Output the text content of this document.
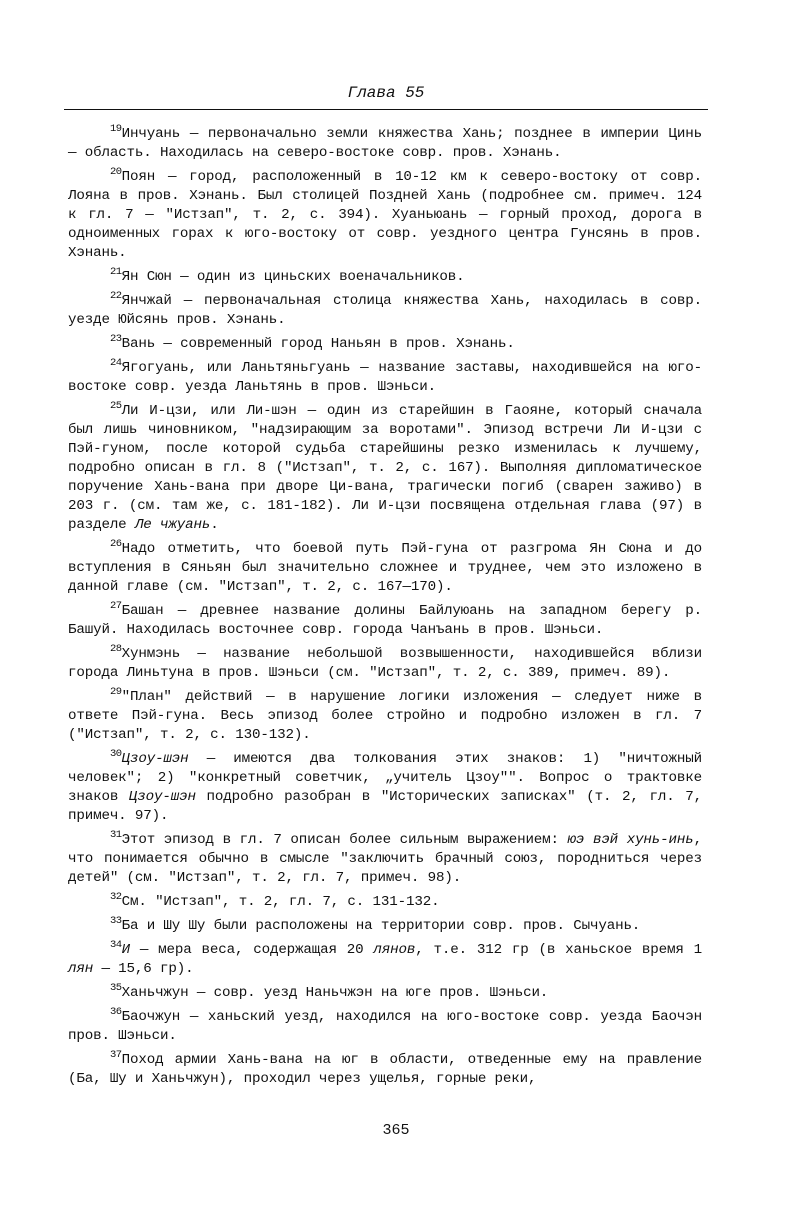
Глава 55

$^{19}$Инчуань — первоначально земли княжества Хань; позднее в империи Цинь — область. Находилась на северо-востоке совр. пров. Хэнань.

$^{20}$Поян — город, расположенный в 10-12 км к северо-востоку от совр. Лояна в пров. Хэнань. Был столицей Поздней Хань (подробнее см. примеч. 124 к гл. 7 — "Истзап", т. 2, с. 394). Хуаньюань — горный проход, дорога в одноименных горах к юго-востоку от совр. уездного центра Гунсянь в пров. Хэнань.

$^{21}$Ян Сюн — один из циньских военачальников.

$^{22}$Янчжай — первоначальная столица княжества Хань, находилась в совр. уезде Юйсянь пров. Хэнань.

$^{23}$Вань — современный город Наньян в пров. Хэнань.

$^{24}$Ягогуань, или Ланьтяньгуань — название заставы, находившейся на юго-востоке совр. уезда Ланьтянь в пров. Шэньси.

$^{25}$Ли И-цзи, или Ли-шэн — один из старейшин в Гаояне, который сначала был лишь чиновником, "надзирающим за воротами". Эпизод встречи Ли И-цзи с Пэй-гуном, после которой судьба старейшины резко изменилась к лучшему, подробно описан в гл. 8 ("Истзап", т. 2, с. 167). Выполняя дипломатическое поручение Хань-вана при дворе Ци-вана, трагически погиб (сварен заживо) в 203 г. (см. там же, с. 181-182). Ли И-цзи посвящена отдельная глава (97) в разделе Ле чжуань.

$^{26}$Надо отметить, что боевой путь Пэй-гуна от разгрома Ян Сюна и до вступления в Сяньян был значительно сложнее и труднее, чем это изложено в данной главе (см. "Истзап", т. 2, с. 167—170).

$^{27}$Башан — древнее название долины Байлуюань на западном берегу р. Башуй. Находилась восточнее совр. города Чанъань в пров. Шэньси.

$^{28}$Хунмэнь — название небольшой возвышенности, находившейся вблизи города Линьтуна в пров. Шэньси (см. "Истзап", т. 2, с. 389, примеч. 89).

$^{29}$"План" действий — в нарушение логики изложения — следует ниже в ответе Пэй-гуна. Весь эпизод более стройно и подробно изложен в гл. 7 ("Истзап", т. 2, с. 130-132).

$^{30}$Цзоу-шэн — имеются два толкования этих знаков: 1) "ничтожный человек"; 2) "конкретный советчик, „учитель Цзоу"". Вопрос о трактовке знаков Цзоу-шэн подробно разобран в "Исторических записках" (т. 2, гл. 7, примеч. 97).

$^{31}$Этот эпизод в гл. 7 описан более сильным выражением: юэ вэй хунь-инь, что понимается обычно в смысле "заключить брачный союз, породниться через детей" (см. "Истзап", т. 2, гл. 7, примеч. 98).

$^{32}$См. "Истзап", т. 2, гл. 7, с. 131-132.

$^{33}$Ба и Шу Шу были расположены на территории совр. пров. Сычуань.

$^{34}$И — мера веса, содержащая 20 лянов, т.е. 312 гр (в ханьское время 1 лян — 15,6 гр).

$^{35}$Ханьчжун — совр. уезд Наньчжэн на юге пров. Шэньси.

$^{36}$Баочжун — ханьский уезд, находился на юго-востоке совр. уезда Баочэн пров. Шэньси.

$^{37}$Поход армии Хань-вана на юг в области, отведенные ему на правление (Ба, Шу и Ханьчжун), проходил через ущелья, горные реки,

365
